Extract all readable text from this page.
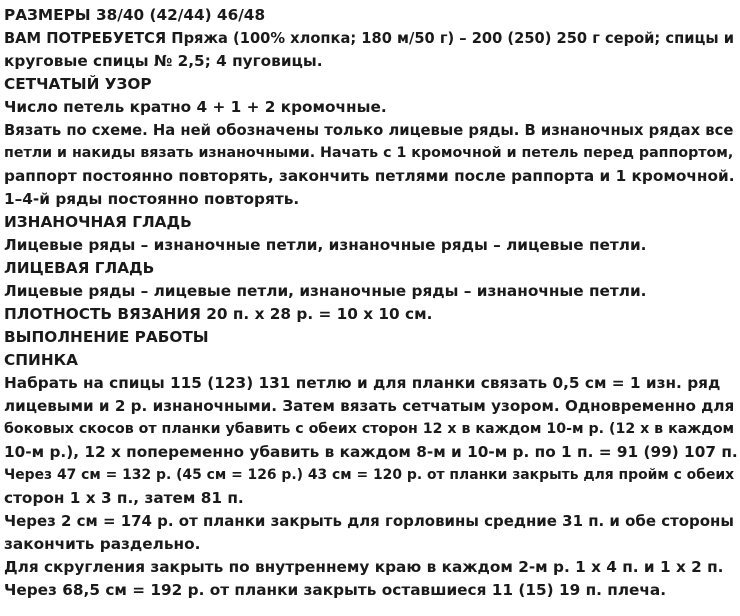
РАЗМЕРЫ 38/40 (42/44) 46/48
ВАМ ПОТРЕБУЕТСЯ Пряжа (100% хлопка; 180 м/50 г) – 200 (250) 250 г серой; спицы и
круговые спицы № 2,5; 4 пуговицы.
СЕТЧАТЫЙ УЗОР
Число петель кратно 4 + 1 + 2 кромочные.
Вязать по схеме. На ней обозначены только лицевые ряды. В изнаночных рядах все
петли и накиды вязать изнаночными. Начать с 1 кромочной и петель перед раппортом,
раппорт постоянно повторять, закончить петлями после раппорта и 1 кромочной.
1–4-й ряды постоянно повторять.
ИЗНАНОЧНАЯ ГЛАДЬ
Лицевые ряды – изнаночные петли, изнаночные ряды – лицевые петли.
ЛИЦЕВАЯ ГЛАДЬ
Лицевые ряды – лицевые петли, изнаночные ряды – изнаночные петли.
ПЛОТНОСТЬ ВЯЗАНИЯ 20 п. х 28 р. = 10 х 10 см.
ВЫПОЛНЕНИЕ РАБОТЫ
СПИНКА
Набрать на спицы 115 (123) 131 петлю и для планки связать 0,5 см = 1 изн. ряд
лицевыми и 2 р. изнаночными. Затем вязать сетчатым узором. Одновременно для
боковых скосов от планки убавить с обеих сторон 12 х в каждом 10-м р. (12 х в каждом
10-м р.), 12 х попеременно убавить в каждом 8-м и 10-м р. по 1 п. = 91 (99) 107 п.
Через 47 см = 132 р. (45 см = 126 р.) 43 см = 120 р. от планки закрыть для пройм с обеих
сторон 1 х 3 п., затем 81 п.
Через 2 см = 174 р. от планки закрыть для горловины средние 31 п. и обе стороны
закончить раздельно.
Для скругления закрыть по внутреннему краю в каждом 2-м р. 1 х 4 п. и 1 х 2 п.
Через 68,5 см = 192 р. от планки закрыть оставшиеся 11 (15) 19 п. плеча.
